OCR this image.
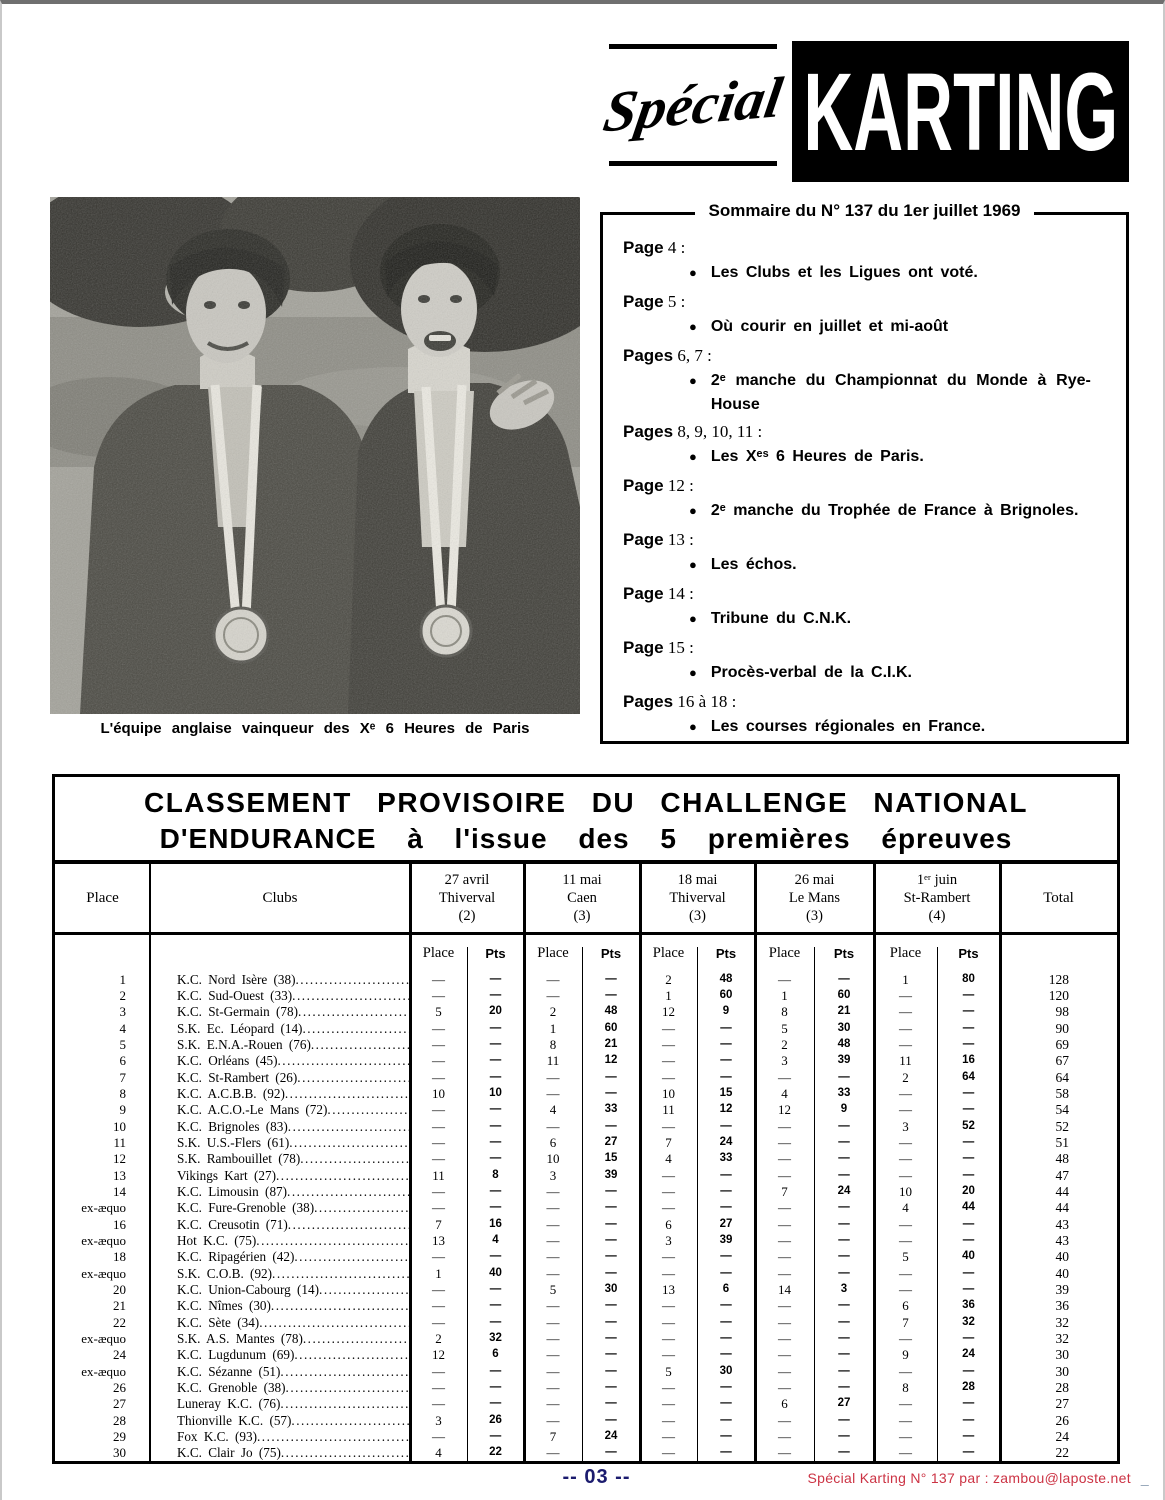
Spécial KARTING
L'équipe anglaise vainqueur des Xᵉ 6 Heures de Paris
Sommaire du N° 137 du 1er juillet 1969
Page 4 :
● Les Clubs et les Ligues ont voté.
Page 5 :
● Où courir en juillet et mi-août
Pages 6, 7 :
● 2ᵉ manche du Championnat du Monde à Rye-House
Pages 8, 9, 10, 11 :
● Les Xᵉˢ 6 Heures de Paris.
Page 12 :
● 2ᵉ manche du Trophée de France à Brignoles.
Page 13 :
● Les échos.
Page 14 :
● Tribune du C.N.K.
Page 15 :
● Procès-verbal de la C.I.K.
Pages 16 à 18 :
● Les courses régionales en France.
CLASSEMENT PROVISOIRE DU CHALLENGE NATIONAL
D'ENDURANCE à l'issue des 5 premières épreuves
Place	Clubs
27 avril
Thiverval
(2)
11 mai
Caen
(3)
18 mai
Thiverval
(3)
26 mai
Le Mans
(3)
1ᵉʳ juin
St-Rambert
(4)
Total
Place	Pts	Place	Pts	Place	Pts	Place	Pts	Place	Pts
1	K.C. Nord Isère (38) .....	—	—	—	—	2	48	—	—	1	80	128
2	K.C. Sud-Ouest (33) .....	—	—	—	—	1	60	1	60	—	—	120
3	K.C. St-Germain (78) .....	5	20	2	48	12	9	8	21	—	—	98
4	S.K. Ec. Léopard (14) .....	—	—	1	60	—	—	5	30	—	—	90
5	S.K. E.N.A.-Rouen (76) .....	—	—	8	21	—	—	2	48	—	—	69
6	K.C. Orléans (45) .....	—	—	11	12	—	—	3	39	11	16	67
7	K.C. St-Rambert (26) .....	—	—	—	—	—	—	—	—	2	64	64
8	K.C. A.C.B.B. (92) .....	10	10	—	—	10	15	4	33	—	—	58
9	K.C. A.C.O.-Le Mans (72) .....	—	—	4	33	11	12	12	9	—	—	54
10	K.C. Brignoles (83) .....	—	—	—	—	—	—	—	—	3	52	52
11	S.K. U.S.-Flers (61) .....	—	—	6	27	7	24	—	—	—	—	51
12	S.K. Rambouillet (78) .....	—	—	10	15	4	33	—	—	—	—	48
13	Vikings Kart (27) .....	11	8	3	39	—	—	—	—	—	—	47
14	K.C. Limousin (87) .....	—	—	—	—	—	—	7	24	10	20	44
ex-æquo	K.C. Fure-Grenoble (38) .....	—	—	—	—	—	—	—	—	4	44	44
16	K.C. Creusotin (71) .....	7	16	—	—	6	27	—	—	—	—	43
ex-æquo	Hot K.C. (75) .....	13	4	—	—	3	39	—	—	—	—	43
18	K.C. Ripagérien (42) .....	—	—	—	—	—	—	—	—	5	40	40
ex-æquo	S.K. C.O.B. (92) .....	1	40	—	—	—	—	—	—	—	—	40
20	K.C. Union-Cabourg (14) .....	—	—	5	30	13	6	14	3	—	—	39
21	K.C. Nîmes (30) .....	—	—	—	—	—	—	—	—	6	36	36
22	K.C. Sète (34) .....	—	—	—	—	—	—	—	—	7	32	32
ex-æquo	S.K. A.S. Mantes (78) .....	2	32	—	—	—	—	—	—	—	—	32
24	K.C. Lugdunum (69) .....	12	6	—	—	—	—	—	—	9	24	30
ex-æquo	K.C. Sézanne (51) .....	—	—	—	—	5	30	—	—	—	—	30
26	K.C. Grenoble (38) .....	—	—	—	—	—	—	—	—	8	28	28
27	Luneray K.C. (76) .....	—	—	—	—	—	—	6	27	—	—	27
28	Thionville K.C. (57) .....	3	26	—	—	—	—	—	—	—	—	26
29	Fox K.C. (93) .....	—	—	7	24	—	—	—	—	—	—	24
30	K.C. Clair Jo (75) .....	4	22	—	—	—	—	—	—	—	—	22
-- 03 --	Spécial Karting N° 137 par : zambou@laposte.net _
